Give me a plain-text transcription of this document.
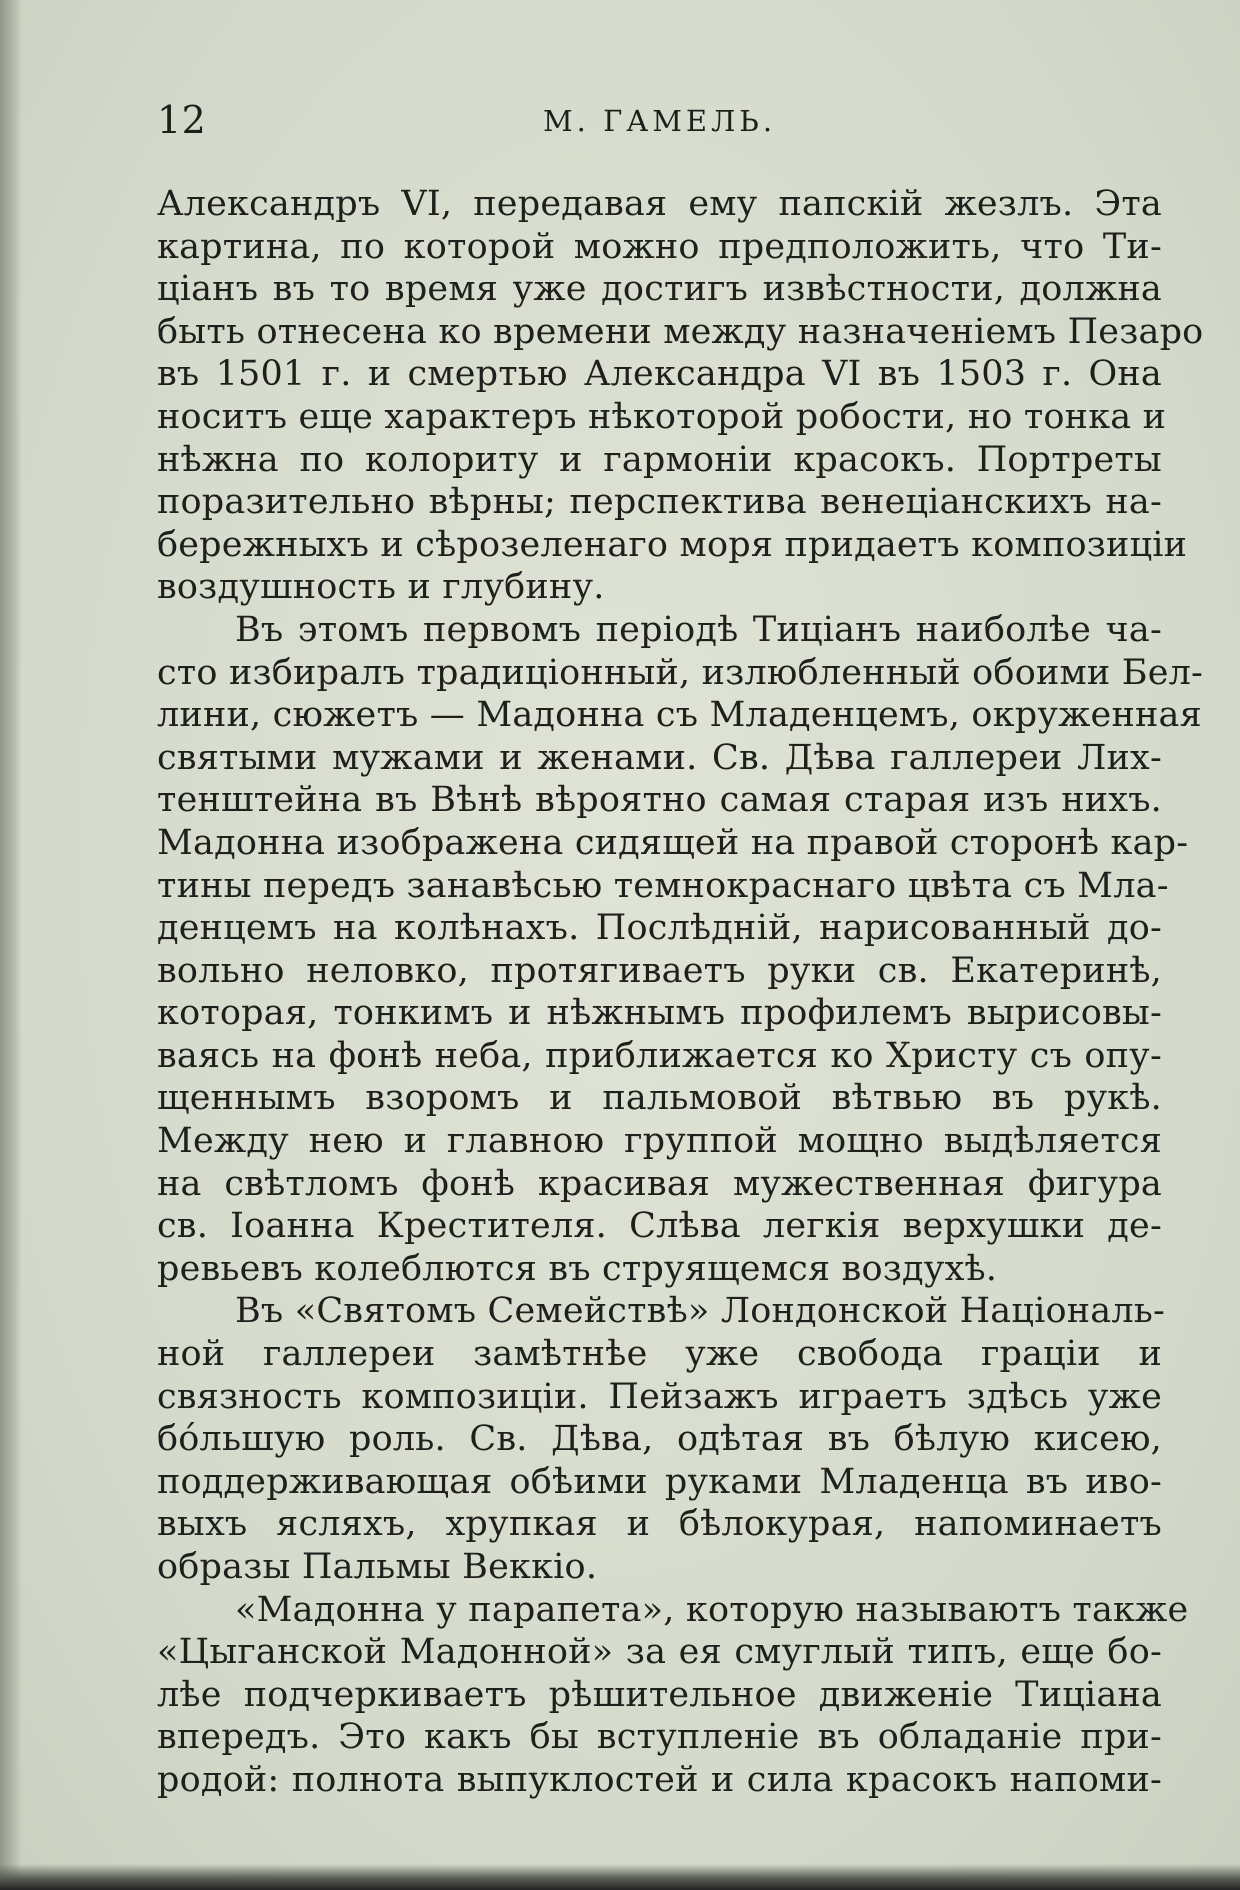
12	М. ГАМЕЛЬ.
Александръ VI, передавая ему папскій жезлъ. Эта
картина, по которой можно предположить, что Ти-
ціанъ въ то время уже достигъ извѣстности, должна
быть отнесена ко времени между назначеніемъ Пезаро
въ 1501 г. и смертью Александра VI въ 1503 г. Она
носитъ еще характеръ нѣкоторой робости, но тонка и
нѣжна по колориту и гармоніи красокъ. Портреты
поразительно вѣрны; перспектива венеціанскихъ на-
бережныхъ и сѣрозеленаго моря придаетъ композиціи
воздушность и глубину.
Въ этомъ первомъ періодѣ Тиціанъ наиболѣе ча-
сто избиралъ традиціонный, излюбленный обоими Бел-
лини, сюжетъ — Мадонна съ Младенцемъ, окруженная
святыми мужами и женами. Св. Дѣва галлереи Лих-
тенштейна въ Вѣнѣ вѣроятно самая старая изъ нихъ.
Мадонна изображена сидящей на правой сторонѣ кар-
тины передъ занавѣсью темнокраснаго цвѣта съ Мла-
денцемъ на колѣнахъ. Послѣдній, нарисованный до-
вольно неловко, протягиваетъ руки св. Екатеринѣ,
которая, тонкимъ и нѣжнымъ профилемъ вырисовы-
ваясь на фонѣ неба, приближается ко Христу съ опу-
щеннымъ взоромъ и пальмовой вѣтвью въ рукѣ.
Между нею и главною группой мощно выдѣляется
на свѣтломъ фонѣ красивая мужественная фигура
св. Іоанна Крестителя. Слѣва легкія верхушки де-
ревьевъ колеблются въ струящемся воздухѣ.
Въ «Святомъ Семействѣ» Лондонской Національ-
ной галлереи замѣтнѣе уже свобода граціи и
связность композиціи. Пейзажъ играетъ здѣсь уже
бо́льшую роль. Св. Дѣва, одѣтая въ бѣлую кисею,
поддерживающая обѣими руками Младенца въ иво-
выхъ ясляхъ, хрупкая и бѣлокурая, напоминаетъ
образы Пальмы Веккіо.
«Мадонна у парапета», которую называютъ также
«Цыганской Мадонной» за ея смуглый типъ, еще бо-
лѣе подчеркиваетъ рѣшительное движеніе Тиціана
впередъ. Это какъ бы вступленіе въ обладаніе при-
родой: полнота выпуклостей и сила красокъ напоми-
